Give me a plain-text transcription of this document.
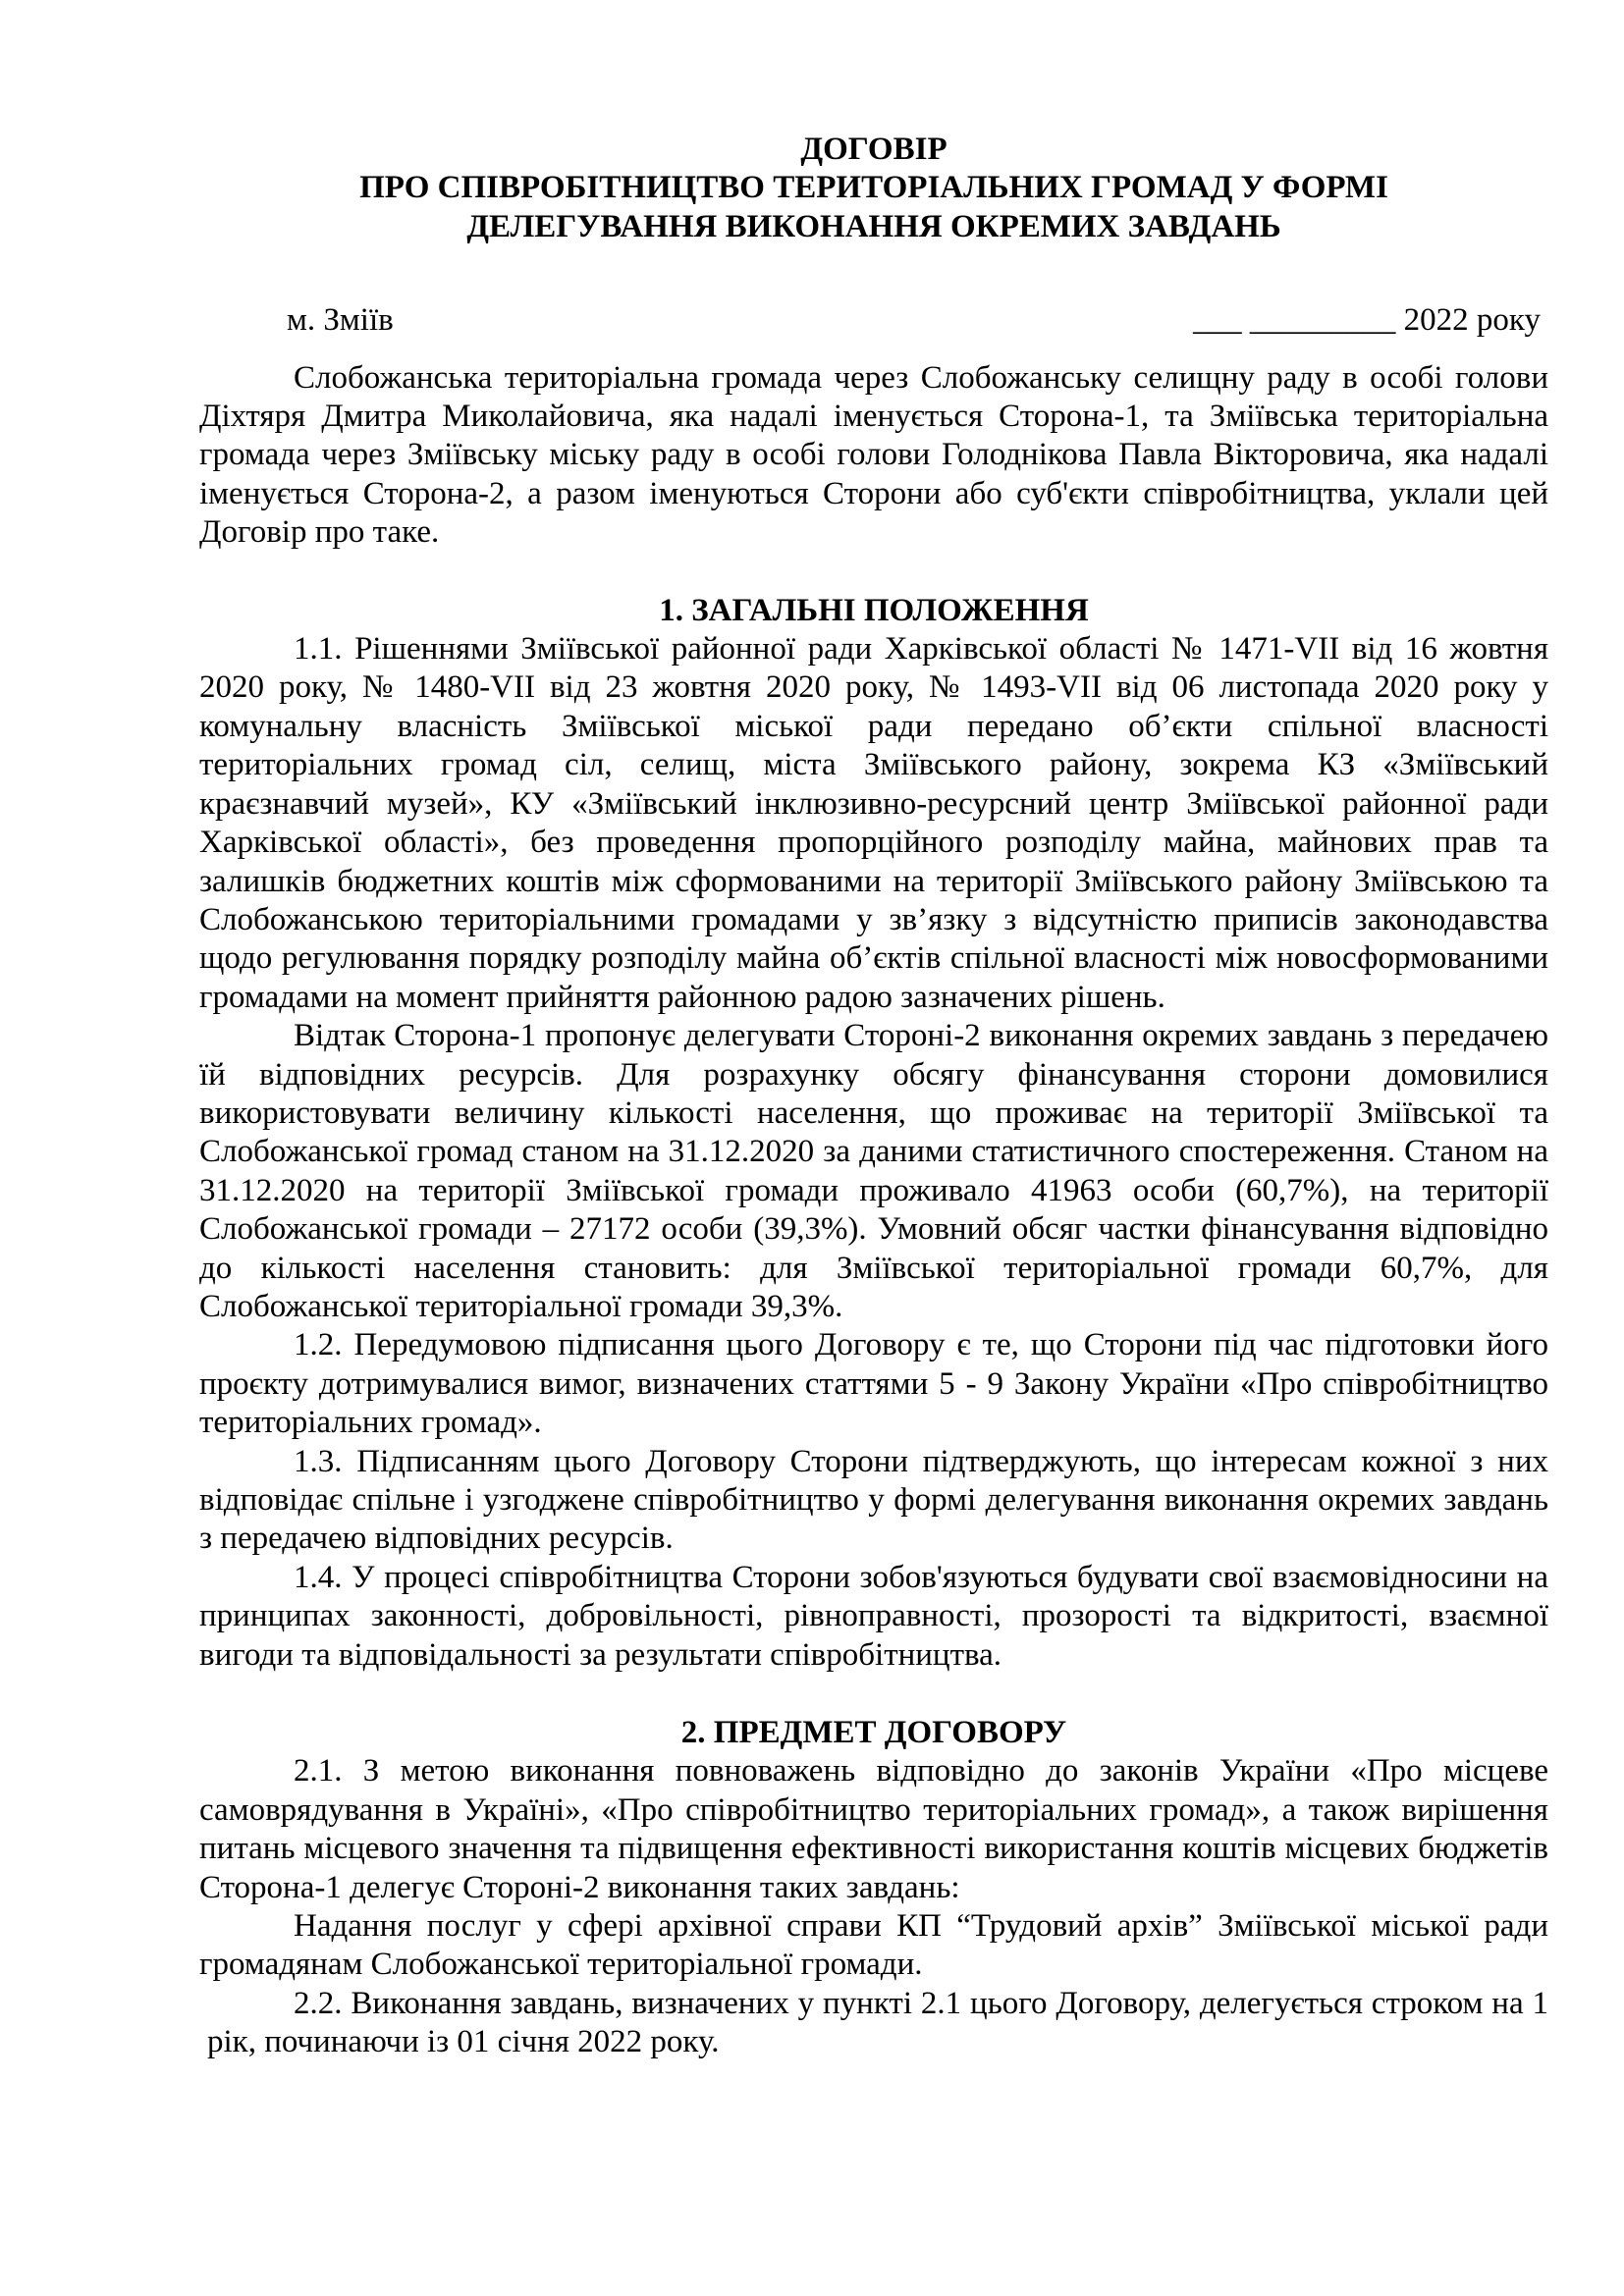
ДОГОВІР
ПРО СПІВРОБІТНИЦТВО ТЕРИТОРІАЛЬНИХ ГРОМАД У ФОРМІ
ДЕЛЕГУВАННЯ ВИКОНАННЯ ОКРЕМИХ ЗАВДАНЬ
м. Зміїв	___ _________ 2022 року

Слобожанська територіальна громада через Слобожанську селищну раду в особі голови Діхтяря Дмитра Миколайовича, яка надалі іменується Сторона-1, та Зміївська територіальна громада через Зміївську міську раду в особі голови Голоднікова Павла Вікторовича, яка надалі іменується Сторона-2, а разом іменуються Сторони або суб'єкти співробітництва, уклали цей Договір про таке.

1. ЗАГАЛЬНІ ПОЛОЖЕННЯ

1.1. Рішеннями Зміївської районної ради Харківської області № 1471-VII від 16 жовтня 2020 року, № 1480-VII від 23 жовтня 2020 року, № 1493-VII від 06 листопада 2020 року у комунальну власність Зміївської міської ради передано об’єкти спільної власності територіальних громад сіл, селищ, міста Зміївського району, зокрема КЗ «Зміївський краєзнавчий музей», КУ «Зміївський інклюзивно-ресурсний центр Зміївської районної ради Харківської області», без проведення пропорційного розподілу майна, майнових прав та залишків бюджетних коштів між сформованими на території Зміївського району Зміївською та Слобожанською територіальними громадами у зв’язку з відсутністю приписів законодавства щодо регулювання порядку розподілу майна об’єктів спільної власності між новосформованими громадами на момент прийняття районною радою зазначених рішень.

Відтак Сторона-1 пропонує делегувати Стороні-2 виконання окремих завдань з передачею їй відповідних ресурсів. Для розрахунку обсягу фінансування сторони домовилися використовувати величину кількості населення, що проживає на території Зміївської та Слобожанської громад станом на 31.12.2020 за даними статистичного спостереження. Станом на 31.12.2020 на території Зміївської громади проживало 41963 особи (60,7%), на території Слобожанської громади – 27172 особи (39,3%). Умовний обсяг частки фінансування відповідно до кількості населення становить: для Зміївської територіальної громади 60,7%, для Слобожанської територіальної громади 39,3%.

1.2. Передумовою підписання цього Договору є те, що Сторони під час підготовки його проєкту дотримувалися вимог, визначених статтями 5 - 9 Закону України «Про співробітництво територіальних громад».

1.3. Підписанням цього Договору Сторони підтверджують, що інтересам кожної з них відповідає спільне і узгоджене співробітництво у формі делегування виконання окремих завдань з передачею відповідних ресурсів.

1.4. У процесі співробітництва Сторони зобов'язуються будувати свої взаємовідносини на принципах законності, добровільності, рівноправності, прозорості та відкритості, взаємної вигоди та відповідальності за результати співробітництва.

2. ПРЕДМЕТ ДОГОВОРУ

2.1. З метою виконання повноважень відповідно до законів України «Про місцеве самоврядування в Україні», «Про співробітництво територіальних громад», а також вирішення питань місцевого значення та підвищення ефективності використання коштів місцевих бюджетів Сторона-1 делегує Стороні-2 виконання таких завдань:

Надання послуг у сфері архівної справи КП “Трудовий архів” Зміївської міської ради громадянам Слобожанської територіальної громади.

2.2. Виконання завдань, визначених у пункті 2.1 цього Договору, делегується строком на 1 рік, починаючи із 01 січня 2022 року.
